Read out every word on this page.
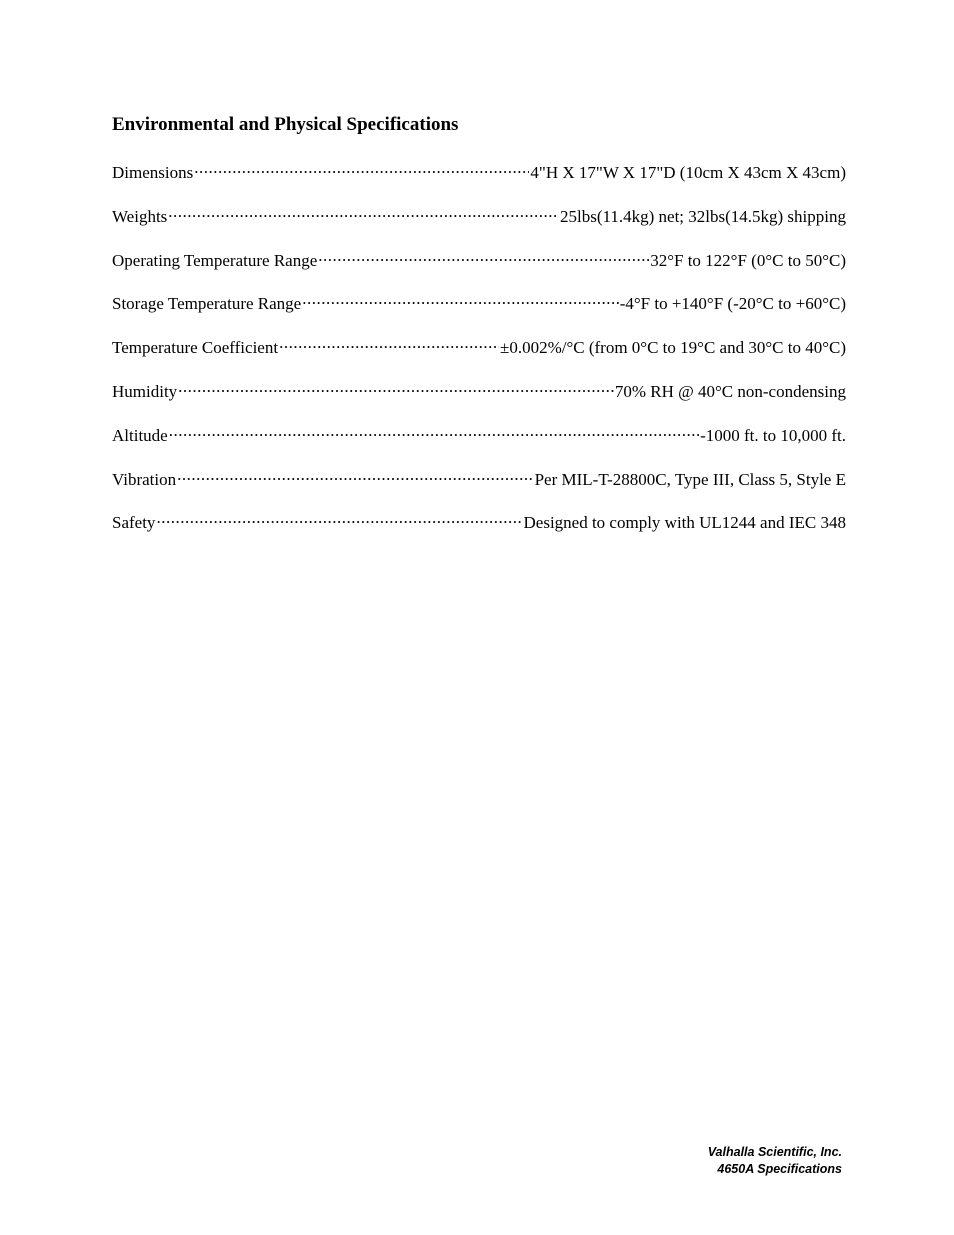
Environmental and Physical Specifications
Dimensions .....	4"H X 17"W X 17"D (10cm X 43cm X 43cm)
Weights .....	25lbs(11.4kg) net; 32lbs(14.5kg) shipping
Operating Temperature Range .....	32°F to 122°F (0°C to 50°C)
Storage Temperature Range .....	-4°F to +140°F (-20°C to +60°C)
Temperature Coefficient .....	±0.002%/°C (from 0°C to 19°C and 30°C to 40°C)
Humidity .....	70% RH @ 40°C non-condensing
Altitude .....	-1000 ft. to 10,000 ft.
Vibration .....	Per MIL-T-28800C, Type III, Class 5, Style E
Safety .....	Designed to comply with UL1244 and IEC 348
Valhalla Scientific, Inc.
4650A Specifications
